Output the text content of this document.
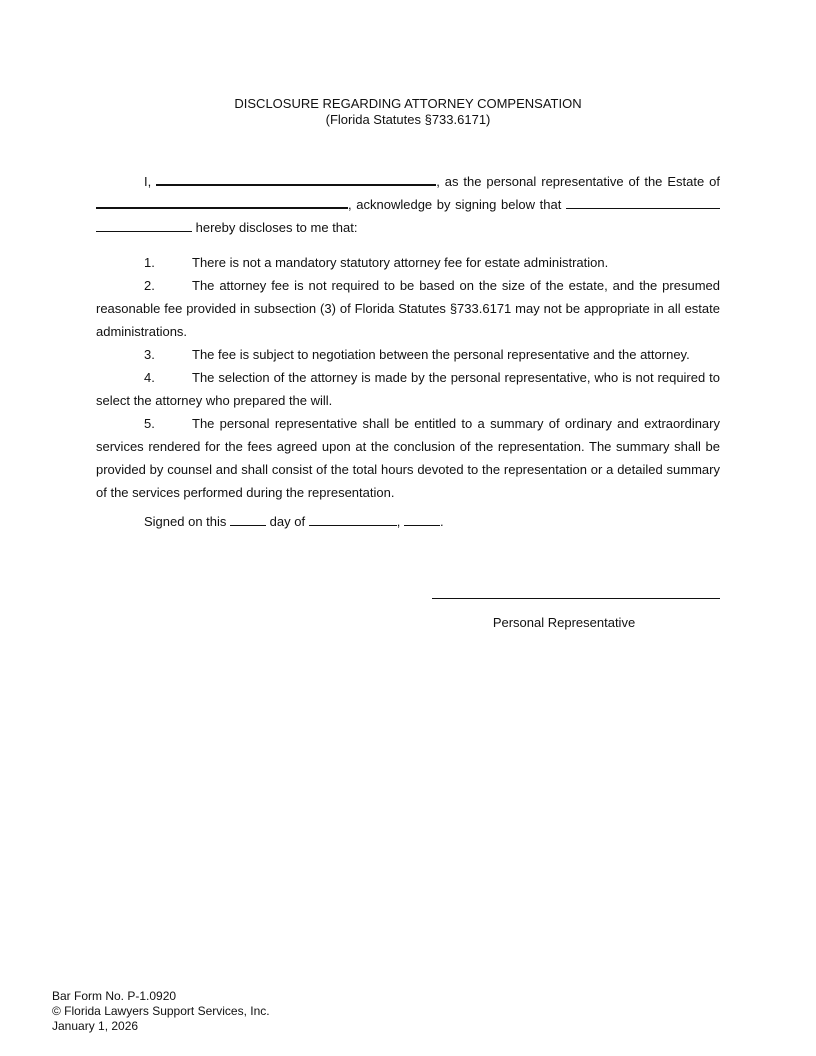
DISCLOSURE REGARDING ATTORNEY COMPENSATION
(Florida Statutes §733.6171)

I,	, as the personal representative of the Estate of , acknowledge by signing below that   hereby discloses to me that:

1.	There is not a mandatory statutory attorney fee for estate administration.

2.	The attorney fee is not required to be based on the size of the estate, and the presumed reasonable fee provided in subsection (3) of Florida Statutes §733.6171 may not be appropriate in all estate administrations.

3.	The fee is subject to negotiation between the personal representative and the attorney.

4.	The selection of the attorney is made by the personal representative, who is not required to select the attorney who prepared the will.

5.	The personal representative shall be entitled to a summary of ordinary and extraordinary services rendered for the fees agreed upon at the conclusion of the representation. The summary shall be provided by counsel and shall consist of the total hours devoted to the representation or a detailed summary of the services performed during the representation.

Signed on this	day of	,	.

Personal Representative
Bar Form No. P-1.0920
© Florida Lawyers Support Services, Inc.
January 1, 2026
